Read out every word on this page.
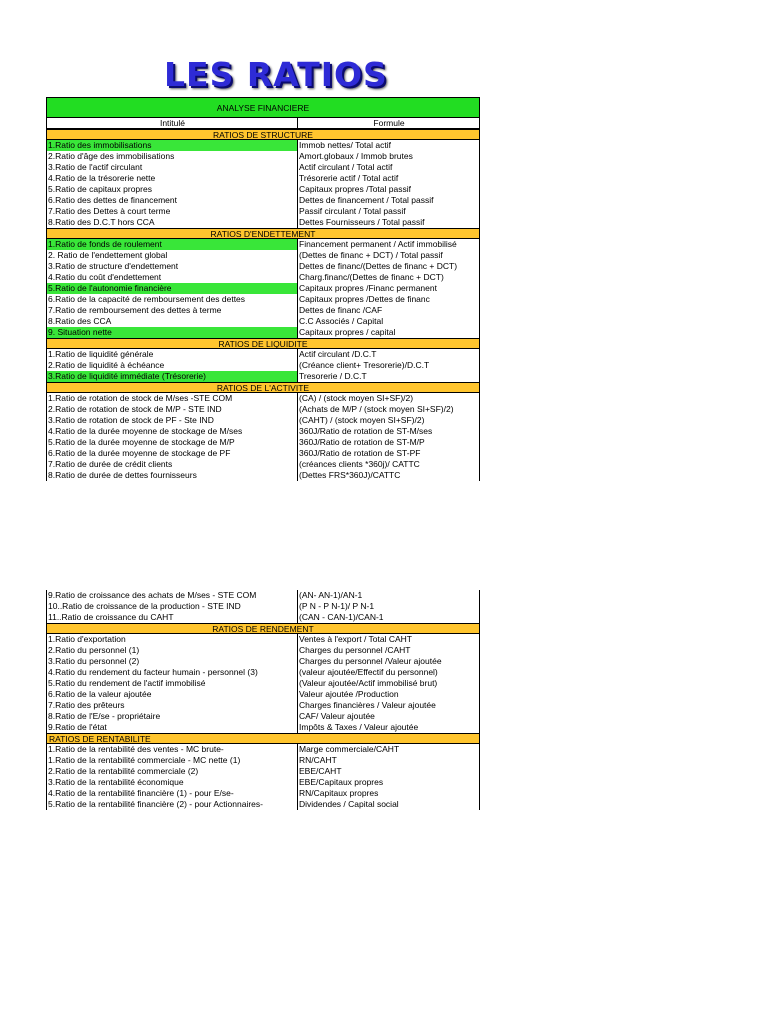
LES RATIOS
ANALYSE FINANCIERE
Intitulé	Formule
RATIOS DE STRUCTURE
1.Ratio des immobilisations	Immob nettes/ Total actif
2.Ratio d'âge des immobilisations	Amort.globaux / Immob brutes
3.Ratio de l'actif circulant	Actif circulant / Total actif
4.Ratio de la trésorerie nette	Trésorerie actif / Total actif
5.Ratio de capitaux propres	Capitaux propres /Total passif
6.Ratio des dettes de financement	Dettes de financement / Total passif
7.Ratio des Dettes à court terme	Passif circulant / Total passif
8.Ratio des D.C.T hors CCA	Dettes Fournisseurs / Total passif
RATIOS D'ENDETTEMENT
1.Ratio de fonds de roulement	Financement permanent / Actif immobilisé
2. Ratio de l'endettement global	(Dettes de financ + DCT) / Total passif
3.Ratio de structure d'endettement	Dettes de financ/(Dettes de financ + DCT)
4.Ratio du coût d'endettement	Charg.financ/(Dettes de financ + DCT)
5.Ratio de l'autonomie financière	Capitaux propres /Financ permanent
6.Ratio de la capacité de remboursement des dettes	Capitaux propres /Dettes de financ
7.Ratio de remboursement des dettes à terme	Dettes de financ /CAF
8.Ratio des CCA	C.C Associés / Capital
9. Situation nette	Capitaux propres / capital
RATIOS DE LIQUIDITE
1.Ratio de liquidité générale	Actif circulant /D.C.T
2.Ratio de liquidité à échéance	(Créance client+ Tresorerie)/D.C.T
3.Ratio de liquidité immédiate (Trésorerie)	Tresorerie / D.C.T
RATIOS DE L'ACTIVITE
1.Ratio de rotation de stock de M/ses -STE COM	(CA) / (stock moyen SI+SF)/2)
2.Ratio de rotation de stock de M/P - STE IND	(Achats de M/P / (stock moyen SI+SF)/2)
3.Ratio de rotation de stock de PF - Ste IND	(CAHT) / (stock moyen SI+SF)/2)
4.Ratio de la durée moyenne de stockage de M/ses	360J/Ratio de rotation de ST-M/ses
5.Ratio de la durée moyenne de stockage de M/P	360J/Ratio de rotation de ST-M/P
6.Ratio de la durée moyenne de stockage de PF	360J/Ratio de rotation de ST-PF
7.Ratio de durée de crédit clients	(créances clients *360j)/ CATTC
8.Ratio de durée de dettes fournisseurs	(Dettes FRS*360J)/CATTC
9.Ratio de croissance des achats de M/ses - STE COM	(AN- AN-1)/AN-1
10..Ratio de croissance de la production - STE IND	(P N - P N-1)/ P N-1
11..Ratio de croissance du CAHT	(CAN - CAN-1)/CAN-1
RATIOS DE RENDEMENT
1.Ratio d'exportation	Ventes à l'export / Total CAHT
2.Ratio du personnel (1)	Charges du personnel /CAHT
3.Ratio du personnel (2)	Charges du personnel /Valeur ajoutée
4.Ratio du rendement du facteur humain - personnel (3)	(valeur ajoutée/Effectif du personnel)
5.Ratio du rendement de l'actif immobilisé	(Valeur ajoutée/Actif immobilisé brut)
6.Ratio de la valeur ajoutée	Valeur ajoutée /Production
7.Ratio des prêteurs	Charges financières / Valeur ajoutée
8.Ratio de l'E/se - propriétaire	CAF/ Valeur ajoutée
9.Ratio de l'état	Impôts & Taxes / Valeur ajoutée
RATIOS DE RENTABILITE
1.Ratio de la rentabilité des ventes - MC brute-	Marge commerciale/CAHT
1.Ratio de la rentabilité commerciale - MC nette (1)	RN/CAHT
2.Ratio de la rentabilité commerciale (2)	EBE/CAHT
3.Ratio de la rentabilité économique	EBE/Capitaux propres
4.Ratio de la rentabilité financière (1) - pour E/se-	RN/Capitaux propres
5.Ratio de la rentabilité financière (2) - pour Actionnaires-	Dividendes / Capital social
